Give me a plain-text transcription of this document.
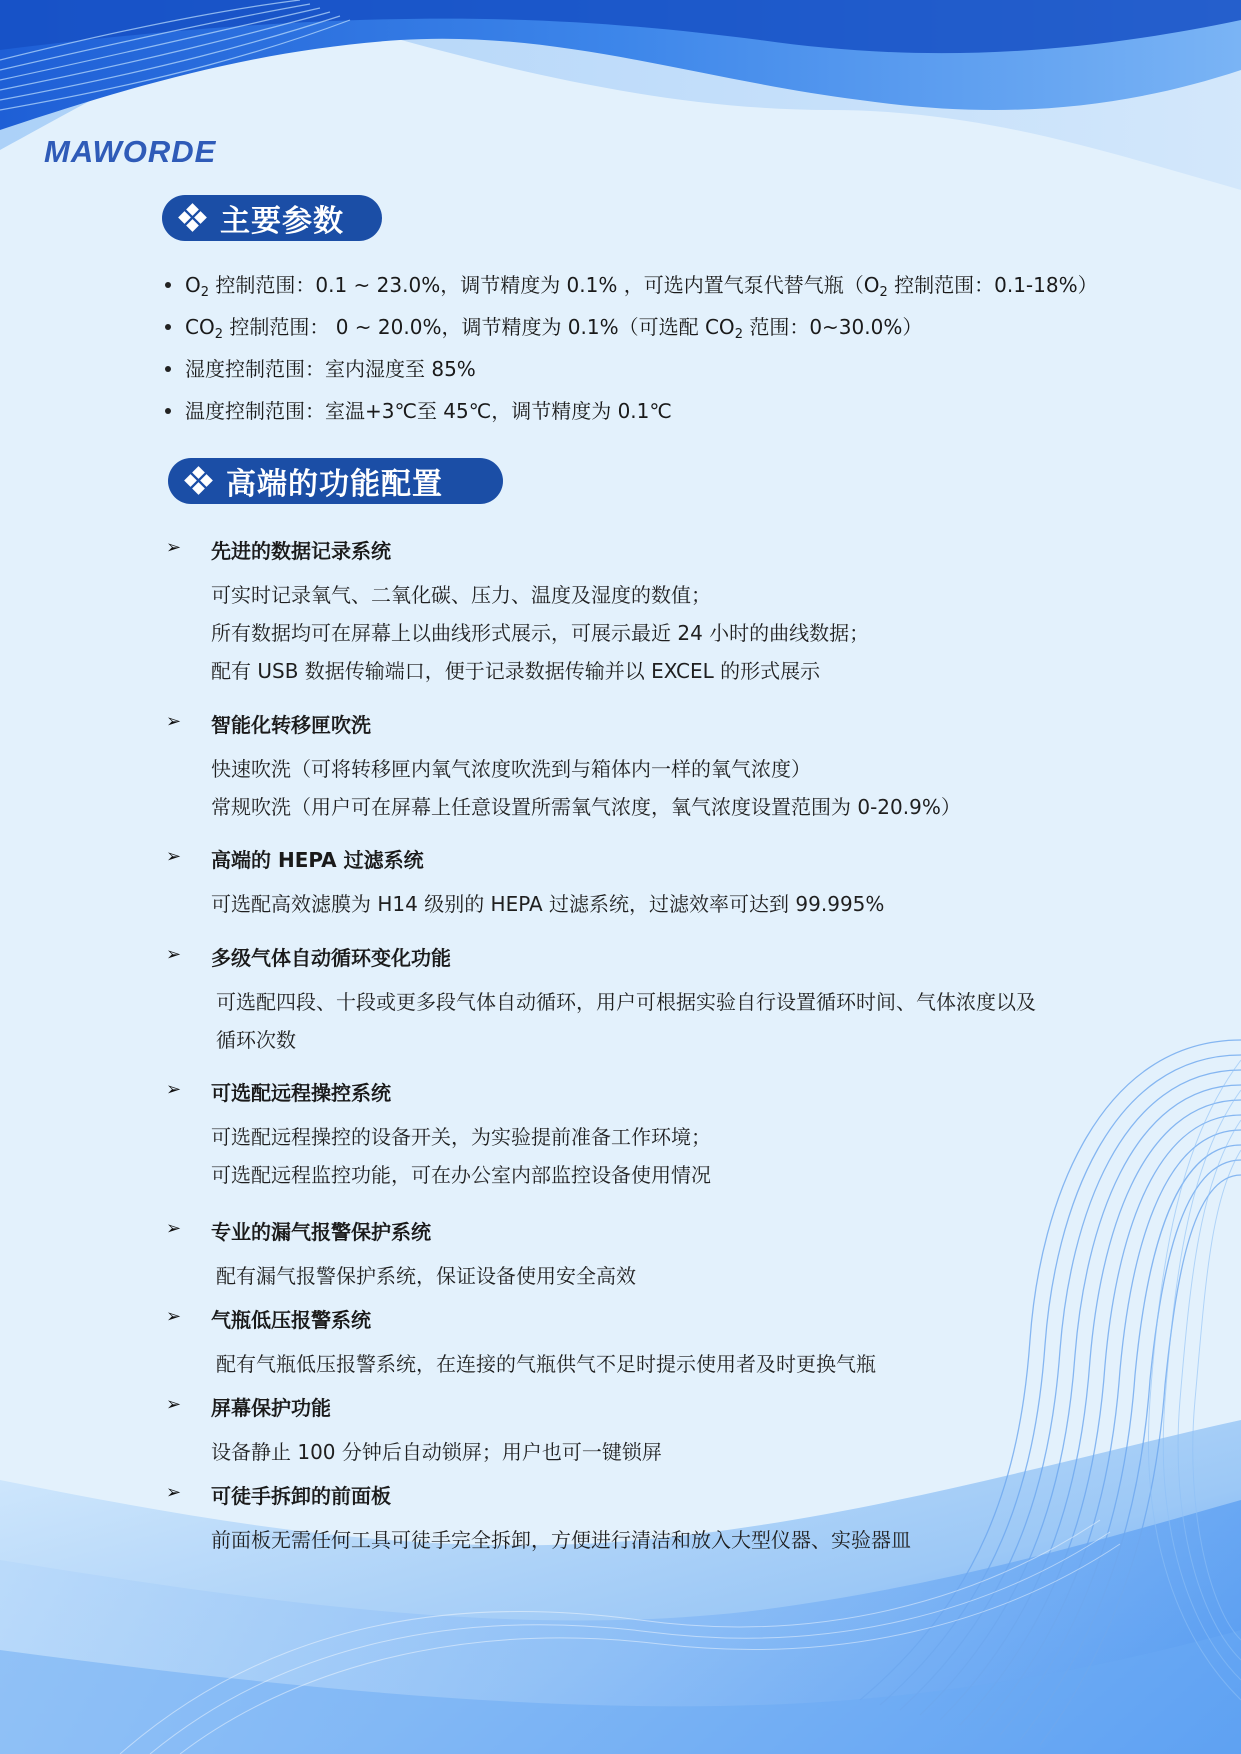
MAWORDE
主要参数
$O_2$ 控制范围：0.1 ~ 23.0%，调节精度为 0.1% ，可选内置气泵代替气瓶（$O_2$ 控制范围：0.1-18%）
$CO_2$ 控制范围： 0 ~ 20.0%，调节精度为 0.1%（可选配 $CO_2$ 范围：0~30.0%）
湿度控制范围：室内湿度至 85%
温度控制范围：室温+3℃至 45℃，调节精度为 0.1℃
高端的功能配置
➢ 先进的数据记录系统
可实时记录氧气、二氧化碳、压力、温度及湿度的数值；
所有数据均可在屏幕上以曲线形式展示，可展示最近 24 小时的曲线数据；
配有 USB 数据传输端口，便于记录数据传输并以 EXCEL 的形式展示
➢ 智能化转移匣吹洗
快速吹洗（可将转移匣内氧气浓度吹洗到与箱体内一样的氧气浓度）
常规吹洗（用户可在屏幕上任意设置所需氧气浓度，氧气浓度设置范围为 0-20.9%）
➢ 高端的 HEPA 过滤系统
可选配高效滤膜为 H14 级别的 HEPA 过滤系统，过滤效率可达到 99.995%
➢ 多级气体自动循环变化功能
可选配四段、十段或更多段气体自动循环，用户可根据实验自行设置循环时间、气体浓度以及
循环次数
➢ 可选配远程操控系统
可选配远程操控的设备开关，为实验提前准备工作环境；
可选配远程监控功能，可在办公室内部监控设备使用情况
➢ 专业的漏气报警保护系统
配有漏气报警保护系统，保证设备使用安全高效
➢ 气瓶低压报警系统
配有气瓶低压报警系统，在连接的气瓶供气不足时提示使用者及时更换气瓶
➢ 屏幕保护功能
设备静止 100 分钟后自动锁屏；用户也可一键锁屏
➢ 可徒手拆卸的前面板
前面板无需任何工具可徒手完全拆卸，方便进行清洁和放入大型仪器、实验器皿
